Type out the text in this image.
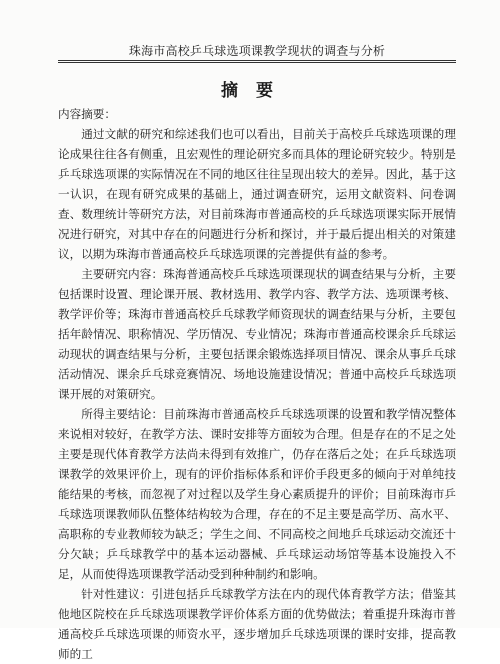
珠海市高校乒乓球选项课教学现状的调查与分析
摘 要

内容摘要：

通过文献的研究和综述我们也可以看出，目前关于高校乒乓球选项课的理论成果往往各有侧重，且宏观性的理论研究多而具体的理论研究较少。特别是乒乓球选项课的实际情况在不同的地区往往呈现出较大的差异。因此，基于这一认识，在现有研究成果的基础上，通过调查研究，运用文献资料、问卷调查、数理统计等研究方法，对目前珠海市普通高校的乒乓球选项课实际开展情况进行研究，对其中存在的问题进行分析和探讨，并于最后提出相关的对策建议，以期为珠海市普通高校乒乓球选项课的完善提供有益的参考。

主要研究内容：珠海普通高校乒乓球选项课现状的调查结果与分析，主要包括课时设置、理论课开展、教材选用、教学内容、教学方法、选项课考核、教学评价等；珠海市普通高校乒乓球教学师资现状的调查结果与分析，主要包括年龄情况、职称情况、学历情况、专业情况；珠海市普通高校课余乒乓球运动现状的调查结果与分析，主要包括课余锻炼选择项目情况、课余从事乒乓球活动情况、课余乒乓球竞赛情况、场地设施建设情况；普通中高校乒乓球选项课开展的对策研究。

所得主要结论：目前珠海市普通高校乒乓球选项课的设置和教学情况整体来说相对较好，在教学方法、课时安排等方面较为合理。但是存在的不足之处主要是现代体育教学方法尚未得到有效推广，仍存在落后之处；在乒乓球选项课教学的效果评价上，现有的评价指标体系和评价手段更多的倾向于对单纯技能结果的考核，而忽视了对过程以及学生身心素质提升的评价；目前珠海市乒乓球选项课教师队伍整体结构较为合理，存在的不足主要是高学历、高水平、高职称的专业教师较为缺乏；学生之间、不同高校之间地乒乓球运动交流还十分欠缺；乒乓球教学中的基本运动器械、乒乓球运动场馆等基本设施投入不足，从而使得选项课教学活动受到种种制约和影响。

针对性建议：引进包括乒乓球教学方法在内的现代体育教学方法；借鉴其他地区院校在乒乓球选项课教学评价体系方面的优势做法；着重提升珠海市普通高校乒乓球选项课的师资水平，逐步增加乒乓球选项课的课时安排，提高教师的工
